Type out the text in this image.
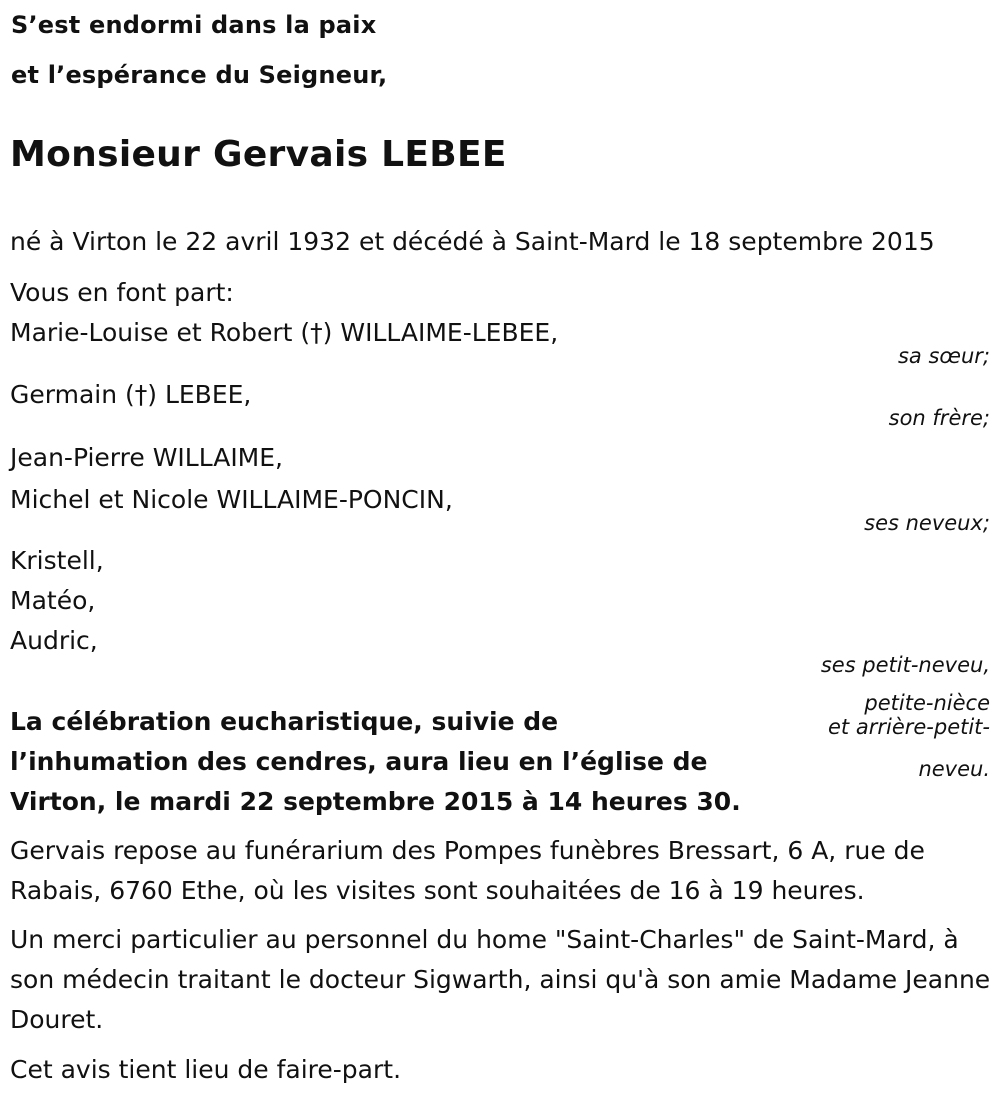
S’est endormi dans la paix

et l’espérance du Seigneur,

Monsieur Gervais LEBEE

né à Virton le 22 avril 1932 et décédé à Saint-Mard le 18 septembre 2015

Vous en font part:

Marie-Louise et Robert (†) WILLAIME-LEBEE,

sa sœur;

Germain (†) LEBEE,

son frère;

Jean-Pierre WILLAIME,

Michel et Nicole WILLAIME-PONCIN,

ses neveux;

Kristell,

Matéo,

Audric,

ses petit-neveu,

petite-nièce

et arrière-petit-

neveu.

La célébration eucharistique, suivie de l’inhumation des cendres, aura lieu en l’église de Virton, le mardi 22 septembre 2015 à 14 heures 30.

Gervais repose au funérarium des Pompes funèbres Bressart, 6 A, rue de Rabais, 6760 Ethe, où les visites sont souhaitées de 16 à 19 heures.

Un merci particulier au personnel du home "Saint-Charles" de Saint-Mard, à son médecin traitant le docteur Sigwarth, ainsi qu'à son amie Madame Jeanne Douret.

Cet avis tient lieu de faire-part.
